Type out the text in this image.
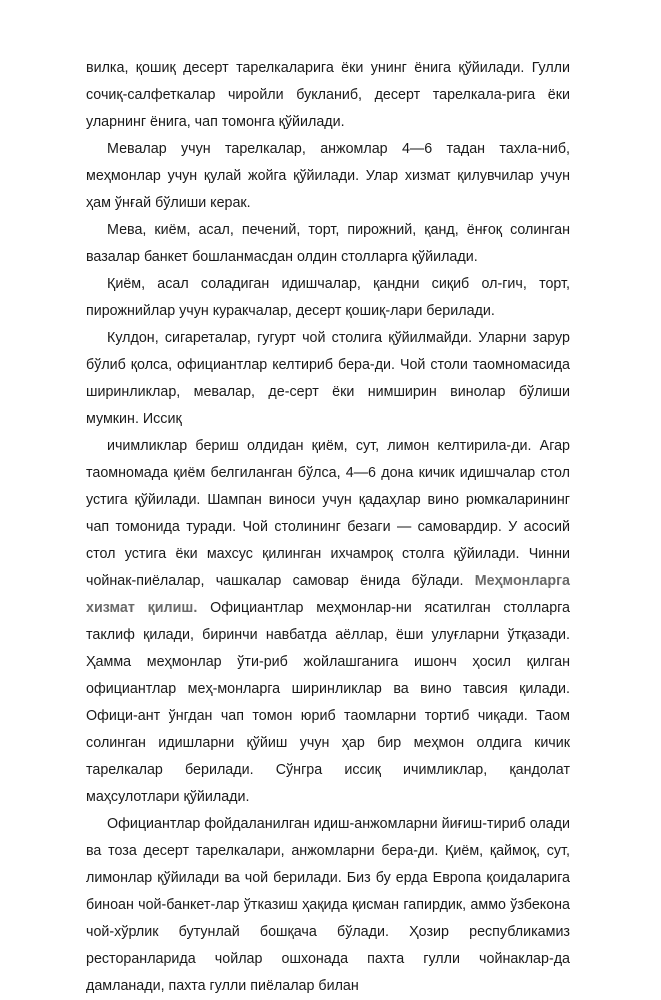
вилка, қошиқ десерт тарелкаларига ёки унинг ёнига қўйилади. Гулли сочиқ-салфеткалар чиройли букланиб, десерт тарелкала-рига ёки уларнинг ёнига, чап томонга қўйилади.

Мевалар учун тарелкалар, анжомлар 4—6 тадан тахла-ниб, меҳмонлар учун қулай жойга қўйилади. Улар хизмат қилувчилар учун ҳам ўнғай бўлиши керак.

Мева, киём, асал, печений, торт, пирожний, қанд, ёнғоқ солинган вазалар банкет бошланмасдан олдин столларга қўйилади.

Қиём, асал соладиган идишчалар, қандни сиқиб ол-гич, торт, пирожнийлар учун куракчалар, десерт қошиқ-лари берилади.

Кулдон, сигареталар, гугурт чой столига қўйилмайди. Уларни зарур бўлиб қолса, официантлар келтириб бера-ди. Чой столи таомномасида ширинликлар, мевалар, де-серт ёки нимширин винолар бўлиши мумкин. Иссиқ

ичимликлар бериш олдидан қиём, сут, лимон келтирила-ди. Агар таомномада қиём белгиланган бўлса, 4—6 дона кичик идишчалар стол устига қўйилади. Шампан виноси учун қадаҳлар вино рюмкаларининг чап томонида туради. Чой столининг безаги — самовардир. У асосий стол устига ёки махсус қилинган ихчамроқ столга қўйилади. Чинни чойнак-пиёлалар, чашкалар самовар ёнида бўлади. Меҳмонларга хизмат қилиш. Официантлар меҳмонлар-ни ясатилган столларга таклиф қилади, биринчи навбатда аёллар, ёши улуғларни ўтқазади. Ҳамма меҳмонлар ўти-риб жойлашганига ишонч ҳосил қилган официантлар меҳ-монларга ширинликлар ва вино тавсия қилади. Офици-ант ўнгдан чап томон юриб таомларни тортиб чиқади. Таом солинган идишларни қўйиш учун ҳар бир меҳмон олдига кичик тарелкалар берилади. Сўнгра иссиқ ичимликлар, қандолат маҳсулотлари қўйилади.

Официантлар фойдаланилган идиш-анжомларни йиғиш-тириб олади ва тоза десерт тарелкалари, анжомларни бера-ди. Қиём, қаймоқ, сут, лимонлар қўйилади ва чой берилади. Биз бу ерда Европа қоидаларига биноан чой-банкет-лар ўтказиш ҳақида қисман гапирдик, аммо ўзбекона чой-хўрлик бутунлай бошқача бўлади. Ҳозир республикамиз ресторанларида чойлар ошхонада пахта гулли чойнаклар-да дамланади, пахта гулли пиёлалар билан
